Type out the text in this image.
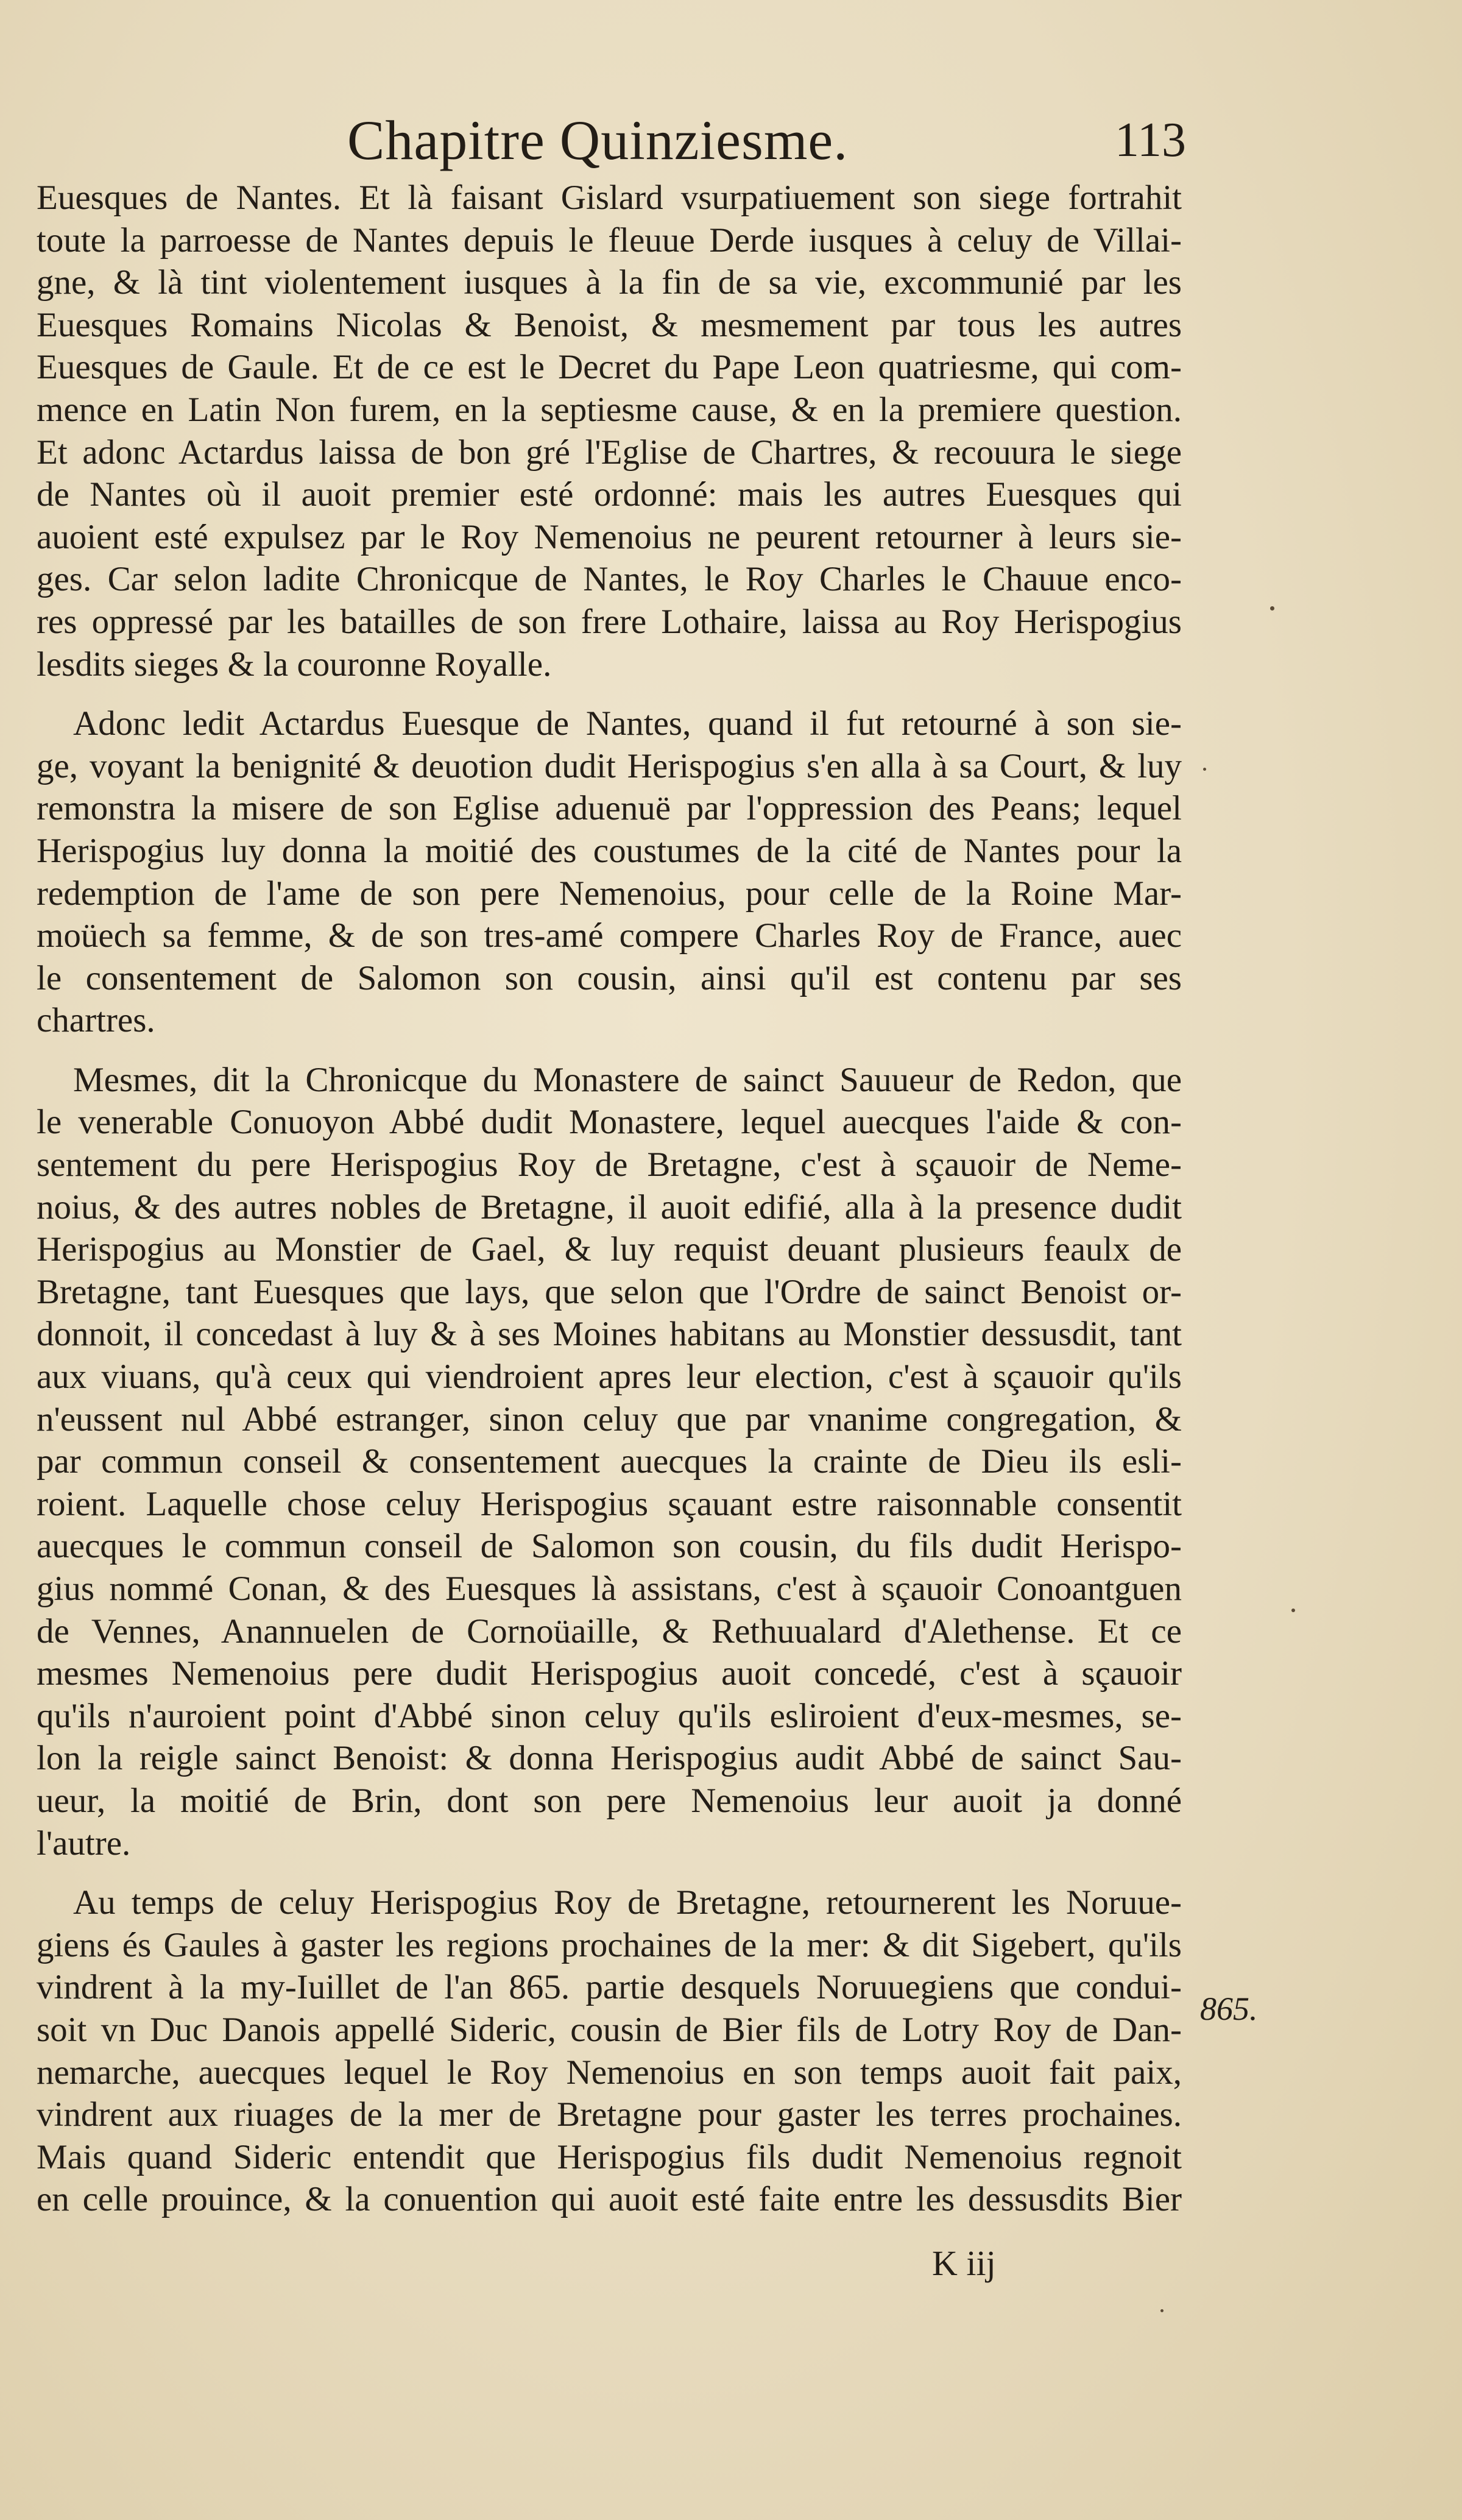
Chapitre Quinziesme.	113
Euesques de Nantes. Et là faisant Gislard vsurpatiuement son siege fortrahit
toute la parroesse de Nantes depuis le fleuue Derde iusques à celuy de Villai-
gne, & là tint violentement iusques à la fin de sa vie, excommunié par les
Euesques Romains Nicolas & Benoist, & mesmement par tous les autres
Euesques de Gaule. Et de ce est le Decret du Pape Leon quatriesme, qui com-
mence en Latin Non furem, en la septiesme cause, & en la premiere question.
Et adonc Actardus laissa de bon gré l'Eglise de Chartres, & recouura le siege
de Nantes où il auoit premier esté ordonné: mais les autres Euesques qui
auoient esté expulsez par le Roy Nemenoius ne peurent retourner à leurs sie-
ges. Car selon ladite Chronicque de Nantes, le Roy Charles le Chauue enco-
res oppressé par les batailles de son frere Lothaire, laissa au Roy Herispogius
lesdits sieges & la couronne Royalle.
Adonc ledit Actardus Euesque de Nantes, quand il fut retourné à son sie-
ge, voyant la benignité & deuotion dudit Herispogius s'en alla à sa Court, & luy
remonstra la misere de son Eglise aduenuë par l'oppression des Peans; lequel
Herispogius luy donna la moitié des coustumes de la cité de Nantes pour la
redemption de l'ame de son pere Nemenoius, pour celle de la Roine Mar-
moüech sa femme, & de son tres-amé compere Charles Roy de France, auec
le consentement de Salomon son cousin, ainsi qu'il est contenu par ses
chartres.
Mesmes, dit la Chronicque du Monastere de sainct Sauueur de Redon, que
le venerable Conuoyon Abbé dudit Monastere, lequel auecques l'aide & con-
sentement du pere Herispogius Roy de Bretagne, c'est à sçauoir de Neme-
noius, & des autres nobles de Bretagne, il auoit edifié, alla à la presence dudit
Herispogius au Monstier de Gael, & luy requist deuant plusieurs feaulx de
Bretagne, tant Euesques que lays, que selon que l'Ordre de sainct Benoist or-
donnoit, il concedast à luy & à ses Moines habitans au Monstier dessusdit, tant
aux viuans, qu'à ceux qui viendroient apres leur election, c'est à sçauoir qu'ils
n'eussent nul Abbé estranger, sinon celuy que par vnanime congregation, &
par commun conseil & consentement auecques la crainte de Dieu ils esli-
roient. Laquelle chose celuy Herispogius sçauant estre raisonnable consentit
auecques le commun conseil de Salomon son cousin, du fils dudit Herispo-
gius nommé Conan, & des Euesques là assistans, c'est à sçauoir Conoantguen
de Vennes, Anannuelen de Cornoüaille, & Rethuualard d'Alethense. Et ce
mesmes Nemenoius pere dudit Herispogius auoit concedé, c'est à sçauoir
qu'ils n'auroient point d'Abbé sinon celuy qu'ils esliroient d'eux-mesmes, se-
lon la reigle sainct Benoist: & donna Herispogius audit Abbé de sainct Sau-
ueur, la moitié de Brin, dont son pere Nemenoius leur auoit ja donné
l'autre.
Au temps de celuy Herispogius Roy de Bretagne, retournerent les Noruue-
giens és Gaules à gaster les regions prochaines de la mer: & dit Sigebert, qu'ils
vindrent à la my-Iuillet de l'an 865. partie desquels Noruuegiens que condui-
soit vn Duc Danois appellé Sideric, cousin de Bier fils de Lotry Roy de Dan-
nemarche, auecques lequel le Roy Nemenoius en son temps auoit fait paix,
vindrent aux riuages de la mer de Bretagne pour gaster les terres prochaines.
Mais quand Sideric entendit que Herispogius fils dudit Nemenoius regnoit
en celle prouince, & la conuention qui auoit esté faite entre les dessusdits Bier
865.
K iij
